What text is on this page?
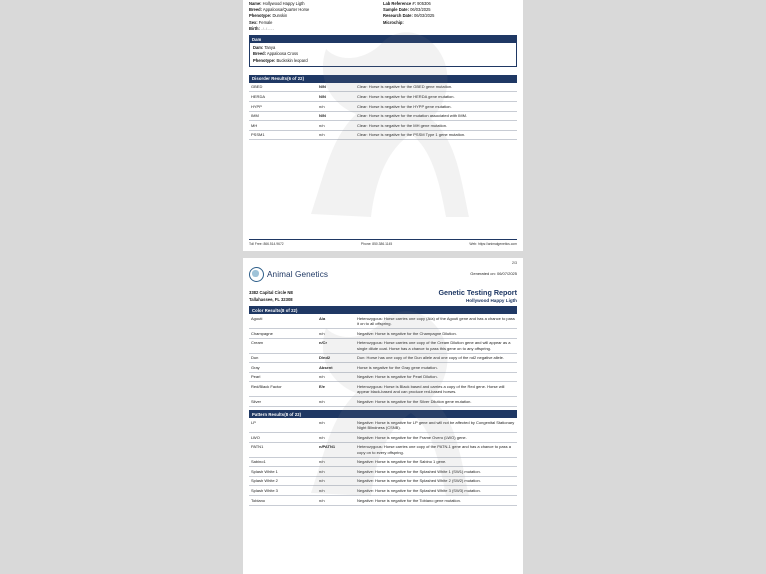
Name: Hollywood Happy Ligth
Breed: Appaloosa/Quarter Horse
Phenotype: Dunskin
Sex: Female
Birth: -/-/----
Lab Reference #: 905306
Sample Date: 06/03/2025
Research Date: 06/03/2025
Microchip:
Dam
Dam: Tanya
Breed: Appaloosa Cross
Phenotype: Buckskin leopard
Disorder Results(6 of 22)
GBED	N/N	Clear: Horse is negative for the GBED gene mutation.
HERDA	N/N	Clear: Horse is negative for the HERDA gene mutation.
HYPP	n/n	Clear: Horse is negative for the HYPP gene mutation.
IMM	N/N	Clear: Horse is negative for the mutation associated with IMM.
MH	n/n	Clear: Horse is negative for the MH gene mutation.
PSSM1	n/n	Clear: Horse is negative for the PSSM Type 1 gene mutation.
Toll Free: 866.514.9672	Phone: 850.386.1145	Web: https://animalgenetics.com
2/3
Animal Genetics	Generated on: 06/07/2025
3382 Capital Circle NE
Tallahassee, FL 32308
Genetic Testing Report
Hollywood Happy Ligth
Color Results(8 of 22)
Agouti	A/a	Heterozygous: Horse carries one copy (A/a) of the Agouti gene and has a chance to pass it on to all offspring.
Champagne	n/n	Negative: Horse is negative for the Champagne Dilution.
Cream	n/Cr	Heterozygous: Horse carries one copy of the Cream Dilution gene and will appear as a single dilute coat. Horse has a chance to pass this gene on to any offspring.
Dun	D/nd2	Dun: Horse has one copy of the Dun allele and one copy of the nd2 negative allele.
Gray	Absent	Horse is negative for the Gray gene mutation.
Pearl	n/n	Negative: Horse is negative for Pearl Dilution.
Red/Black Factor	E/e	Heterozygous: Horse is Black based and carries a copy of the Red gene. Horse will appear black-based and can produce red-based horses.
Silver	n/n	Negative: Horse is negative for the Silver Dilution gene mutation.
Pattern Results(8 of 22)
LP	n/n	Negative: Horse is negative for LP gene and will not be affected by Congenital Stationary Night Blindness (CSNB).
LWO	n/n	Negative: Horse is negative for the Frame Overo (LWO) gene.
PATN1	n/PATN1	Heterozygous: Horse carries one copy of the PATN-1 gene and has a chance to pass a copy on to every offspring.
Sabino1	n/n	Negative: Horse is negative for the Sabino 1 gene.
Splash White 1	n/n	Negative: Horse is negative for the Splashed White 1 (SW1) mutation.
Splash White 2	n/n	Negative: Horse is negative for the Splashed White 2 (SW2) mutation.
Splash White 3	n/n	Negative: Horse is negative for the Splashed White 3 (SW3) mutation.
Tobiano	n/n	Negative: Horse is negative for the Tobiano gene mutation.
